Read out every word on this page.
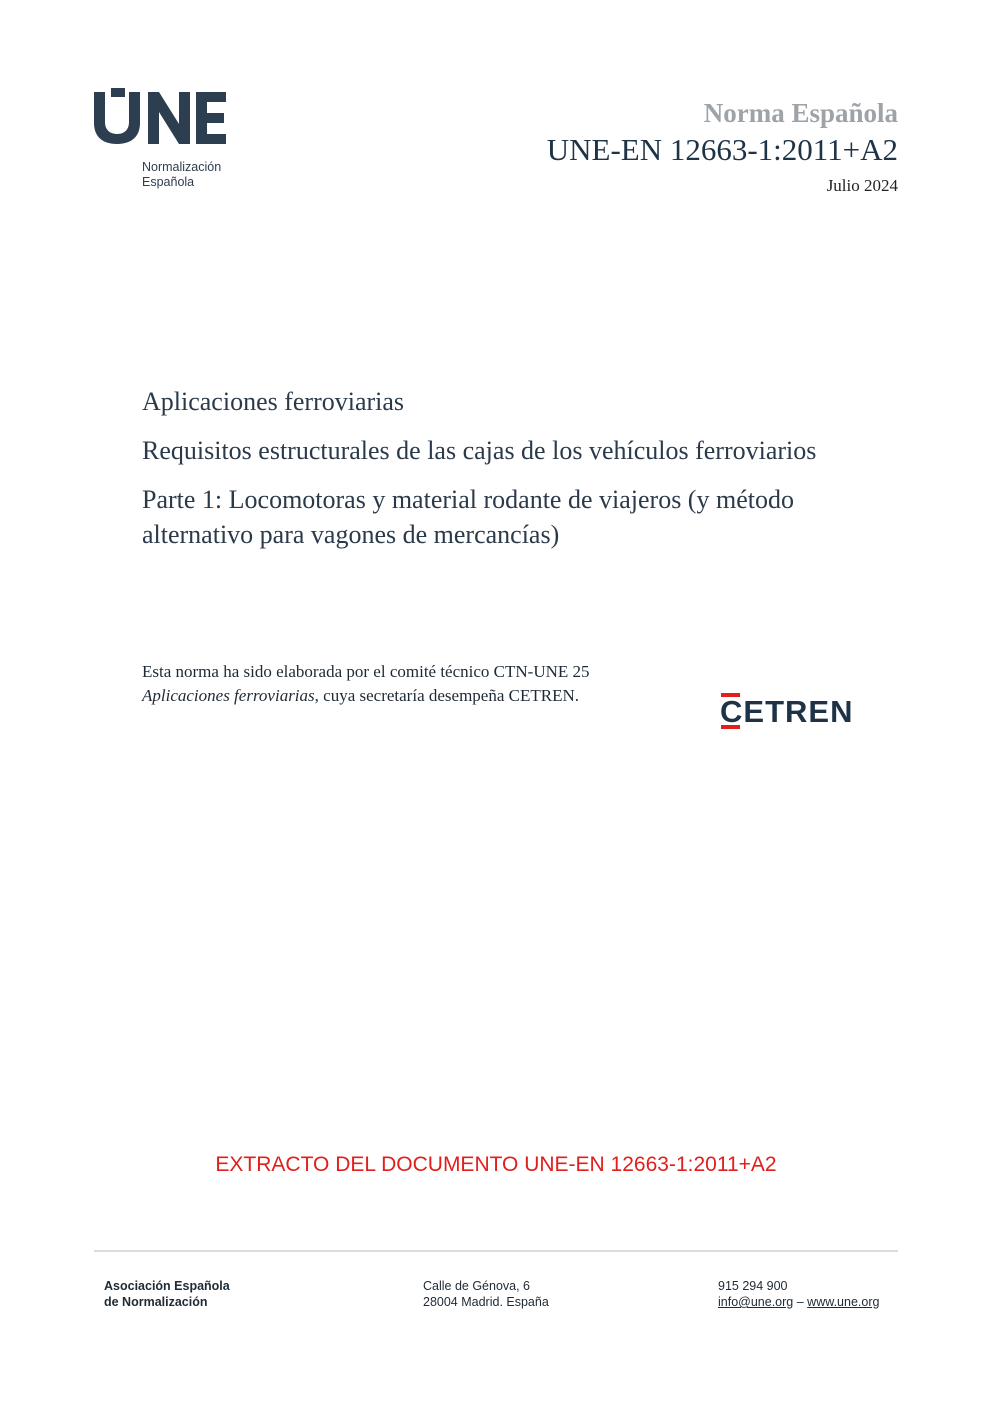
Normalización
Española
Norma Española
UNE-EN 12663-1:2011+A2
Julio 2024
Aplicaciones ferroviarias
Requisitos estructurales de las cajas de los vehículos ferroviarios
Parte 1: Locomotoras y material rodante de viajeros (y método alternativo para vagones de mercancías)
Esta norma ha sido elaborada por el comité técnico CTN-UNE 25 Aplicaciones ferroviarias, cuya secretaría desempeña CETREN.	CETREN
EXTRACTO DEL DOCUMENTO UNE-EN 12663-1:2011+A2
Asociación Española
de Normalización
Calle de Génova, 6
28004 Madrid. España
915 294 900
info@une.org – www.une.org
